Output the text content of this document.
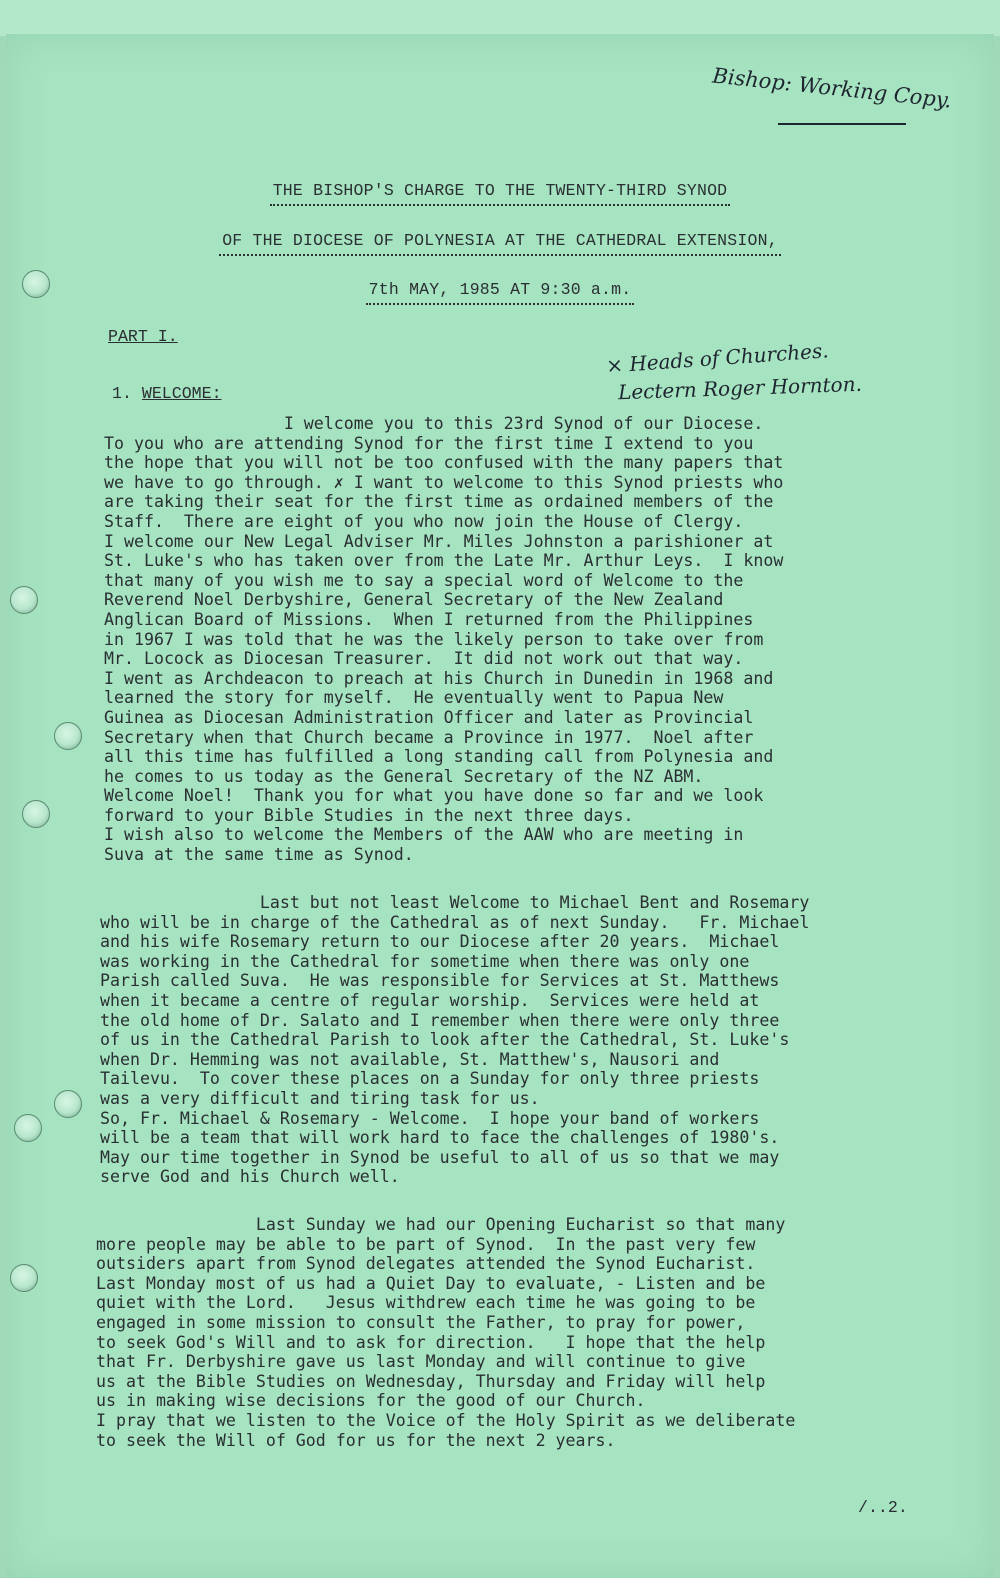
Bishop: Working Copy.
THE BISHOP'S CHARGE TO THE TWENTY-THIRD SYNOD
OF THE DIOCESE OF POLYNESIA AT THE CATHEDRAL EXTENSION,
7th MAY, 1985 AT 9:30 a.m.
PART I.
1. WELCOME:
× Heads of Churches.
Lectern Roger Hornton.
I welcome you to this 23rd Synod of our Diocese.
To you who are attending Synod for the first time I extend to you
the hope that you will not be too confused with the many papers that
we have to go through. ✗ I want to welcome to this Synod priests who
are taking their seat for the first time as ordained members of the
Staff.  There are eight of you who now join the House of Clergy.
I welcome our New Legal Adviser Mr. Miles Johnston a parishioner at
St. Luke's who has taken over from the Late Mr. Arthur Leys.  I know
that many of you wish me to say a special word of Welcome to the
Reverend Noel Derbyshire, General Secretary of the New Zealand
Anglican Board of Missions.  When I returned from the Philippines
in 1967 I was told that he was the likely person to take over from
Mr. Locock as Diocesan Treasurer.  It did not work out that way.
I went as Archdeacon to preach at his Church in Dunedin in 1968 and
learned the story for myself.  He eventually went to Papua New
Guinea as Diocesan Administration Officer and later as Provincial
Secretary when that Church became a Province in 1977.  Noel after
all this time has fulfilled a long standing call from Polynesia and
he comes to us today as the General Secretary of the NZ ABM.
Welcome Noel!  Thank you for what you have done so far and we look
forward to your Bible Studies in the next three days.
I wish also to welcome the Members of the AAW who are meeting in
Suva at the same time as Synod.
Last but not least Welcome to Michael Bent and Rosemary
who will be in charge of the Cathedral as of next Sunday.   Fr. Michael
and his wife Rosemary return to our Diocese after 20 years.  Michael
was working in the Cathedral for sometime when there was only one
Parish called Suva.  He was responsible for Services at St. Matthews
when it became a centre of regular worship.  Services were held at
the old home of Dr. Salato and I remember when there were only three
of us in the Cathedral Parish to look after the Cathedral, St. Luke's
when Dr. Hemming was not available, St. Matthew's, Nausori and
Tailevu.  To cover these places on a Sunday for only three priests
was a very difficult and tiring task for us.
So, Fr. Michael & Rosemary - Welcome.  I hope your band of workers
will be a team that will work hard to face the challenges of 1980's.
May our time together in Synod be useful to all of us so that we may
serve God and his Church well.
Last Sunday we had our Opening Eucharist so that many
more people may be able to be part of Synod.  In the past very few
outsiders apart from Synod delegates attended the Synod Eucharist.
Last Monday most of us had a Quiet Day to evaluate, - Listen and be
quiet with the Lord.   Jesus withdrew each time he was going to be
engaged in some mission to consult the Father, to pray for power,
to seek God's Will and to ask for direction.   I hope that the help
that Fr. Derbyshire gave us last Monday and will continue to give
us at the Bible Studies on Wednesday, Thursday and Friday will help
us in making wise decisions for the good of our Church.
I pray that we listen to the Voice of the Holy Spirit as we deliberate
to seek the Will of God for us for the next 2 years.
/..2.
